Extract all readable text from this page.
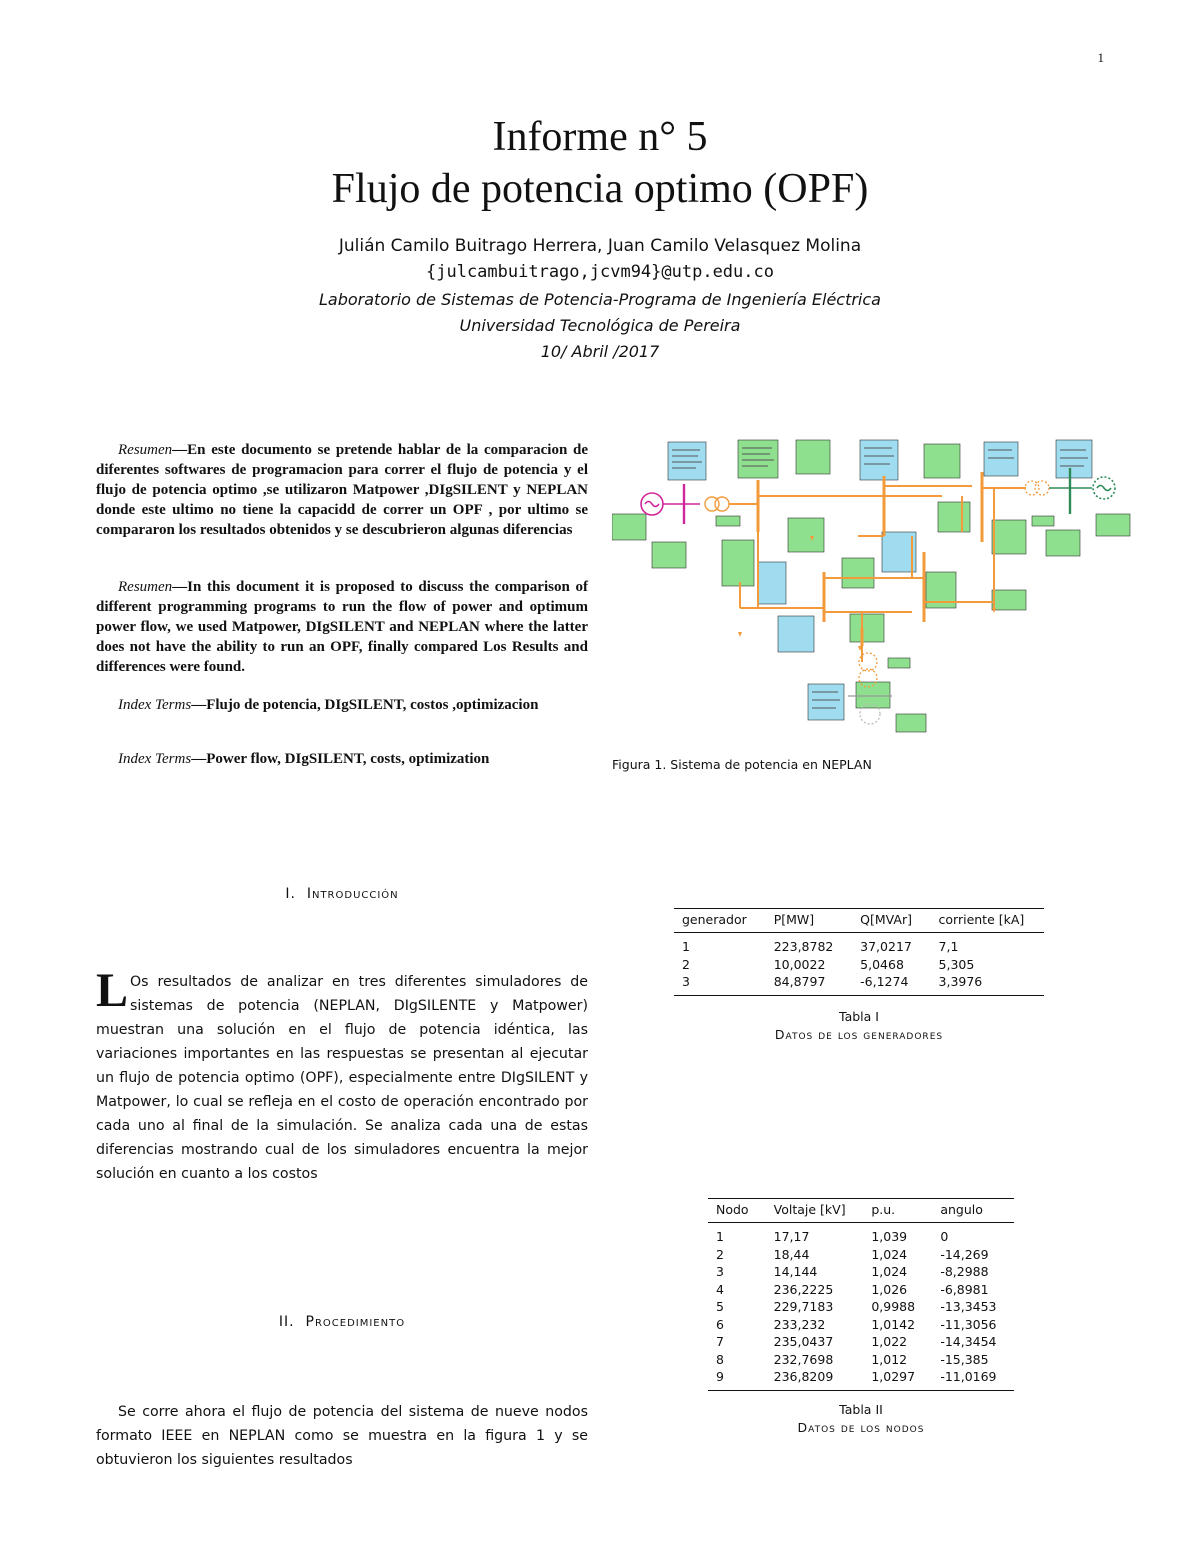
1
Informe n° 5
Flujo de potencia optimo (OPF)
Julián Camilo Buitrago Herrera, Juan Camilo Velasquez Molina
{julcambuitrago,jcvm94}@utp.edu.co
Laboratorio de Sistemas de Potencia-Programa de Ingeniería Eléctrica
Universidad Tecnológica de Pereira
10/ Abril /2017
Resumen—En este documento se pretende hablar de la comparacion de diferentes softwares de programacion para correr el flujo de potencia y el flujo de potencia optimo ,se utilizaron Matpower ,DIgSILENT y NEPLAN donde este ultimo no tiene la capacidd de correr un OPF , por ultimo se compararon los resultados obtenidos y se descubrieron algunas diferencias
Resumen—In this document it is proposed to discuss the comparison of different programming programs to run the flow of power and optimum power flow, we used Matpower, DIgSILENT and NEPLAN where the latter does not have the ability to run an OPF, finally compared Los Results and differences were found.
Index Terms—Flujo de potencia, DIgSILENT, costos ,optimizacion
Index Terms—Power flow, DIgSILENT, costs, optimization
I. Introducción
L Os resultados de analizar en tres diferentes simuladores de sistemas de potencia (NEPLAN, DIgSILENTE y Matpower) muestran una solución en el flujo de potencia idéntica, las variaciones importantes en las respuestas se presentan al ejecutar un flujo de potencia optimo (OPF), especialmente entre DIgSILENT y Matpower, lo cual se refleja en el costo de operación encontrado por cada uno al final de la simulación. Se analiza cada una de estas diferencias mostrando cual de los simuladores encuentra la mejor solución en cuanto a los costos
II. Procedimiento
Se corre ahora el flujo de potencia del sistema de nueve nodos formato IEEE en NEPLAN como se muestra en la figura 1 y se obtuvieron los siguientes resultados
Figura 1. Sistema de potencia en NEPLAN
generador	P[MW]	Q[MVAr]	corriente [kA]
1	223,8782	37,0217	7,1
2	10,0022	5,0468	5,305
3	84,8797	-6,1274	3,3976
Tabla I
Datos de los generadores
Nodo	Voltaje [kV]	p.u.	angulo
1	17,17	1,039	0
2	18,44	1,024	-14,269
3	14,144	1,024	-8,2988
4	236,2225	1,026	-6,8981
5	229,7183	0,9988	-13,3453
6	233,232	1,0142	-11,3056
7	235,0437	1,022	-14,3454
8	232,7698	1,012	-15,385
9	236,8209	1,0297	-11,0169
Tabla II
Datos de los nodos
